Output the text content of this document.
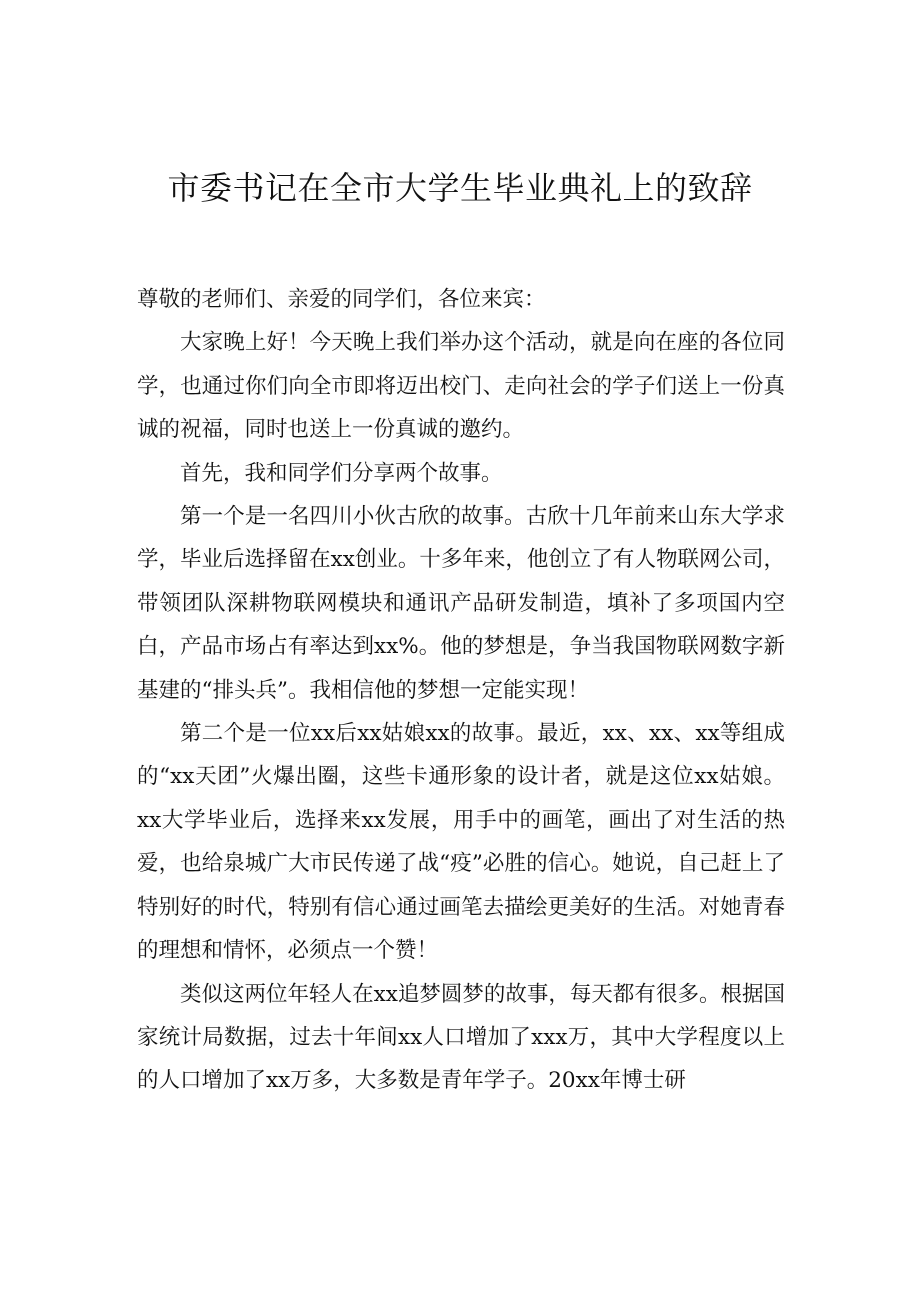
市委书记在全市大学生毕业典礼上的致辞

尊敬的老师们、亲爱的同学们，各位来宾：

大家晚上好！今天晚上我们举办这个活动，就是向在座的各位同学，也通过你们向全市即将迈出校门、走向社会的学子们送上一份真诚的祝福，同时也送上一份真诚的邀约。

首先，我和同学们分享两个故事。

第一个是一名四川小伙古欣的故事。古欣十几年前来山东大学求学，毕业后选择留在xx创业。十多年来，他创立了有人物联网公司，带领团队深耕物联网模块和通讯产品研发制造，填补了多项国内空白，产品市场占有率达到xx%。他的梦想是，争当我国物联网数字新基建的“排头兵”。我相信他的梦想一定能实现！

第二个是一位xx后xx姑娘xx的故事。最近，xx、xx、xx等组成的“xx天团”火爆出圈，这些卡通形象的设计者，就是这位xx姑娘。xx大学毕业后，选择来xx发展，用手中的画笔，画出了对生活的热爱，也给泉城广大市民传递了战“疫”必胜的信心。她说，自己赶上了特别好的时代，特别有信心通过画笔去描绘更美好的生活。对她青春的理想和情怀，必须点一个赞！

类似这两位年轻人在xx追梦圆梦的故事，每天都有很多。根据国家统计局数据，过去十年间xx人口增加了xxx万，其中大学程度以上的人口增加了xx万多，大多数是青年学子。20xx年博士研
